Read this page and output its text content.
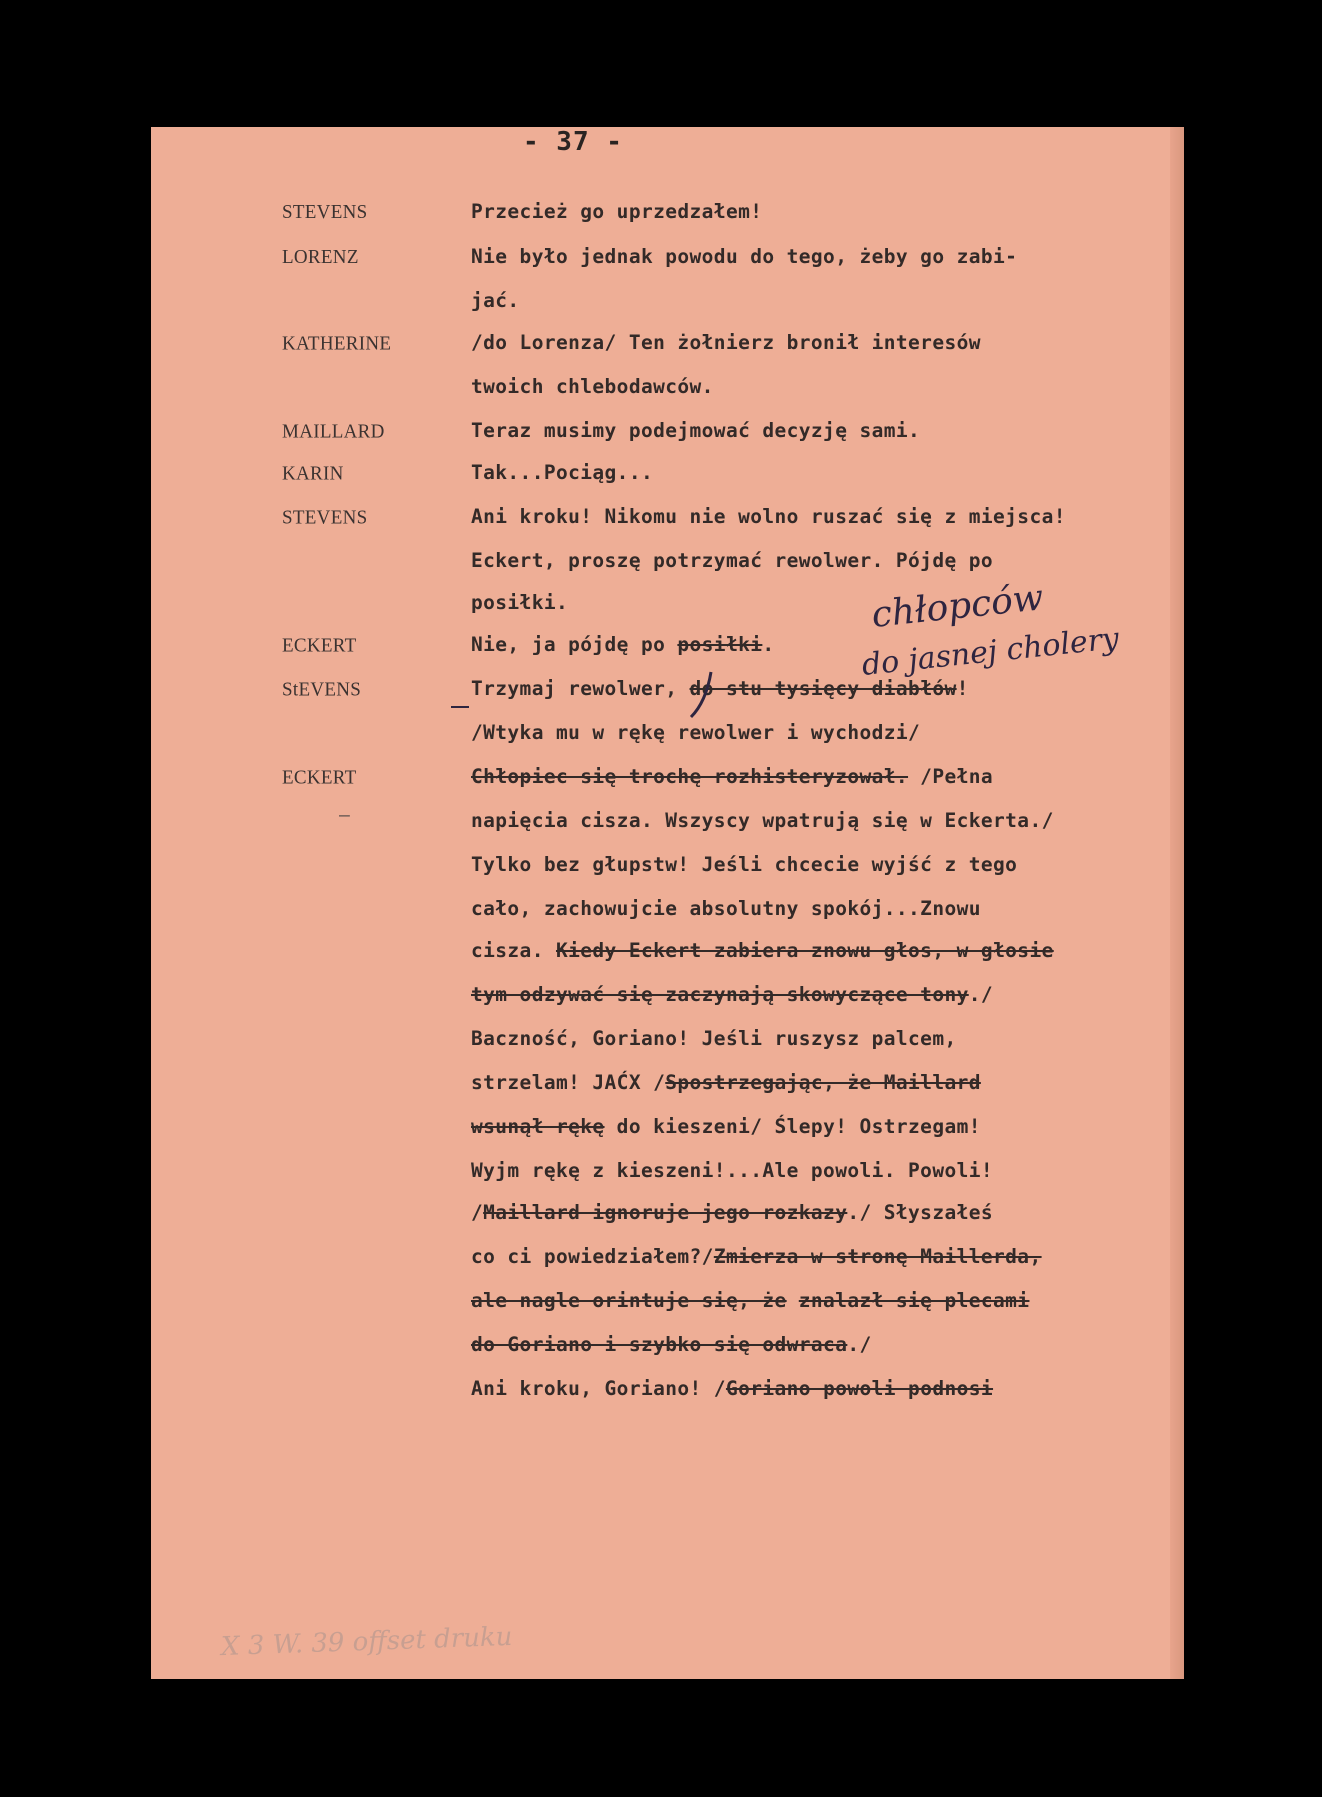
- 37 -
STEVENS	Przecież go uprzedzałem!
LORENZ	Nie było jednak powodu do tego, żeby go zabi-
jać.
KATHERINE	/do Lorenza/ Ten żołnierz bronił interesów
twoich chlebodawców.
MAILLARD	Teraz musimy podejmować decyzję sami.
KARIN	Tak...Pociąg...
STEVENS	Ani kroku! Nikomu nie wolno ruszać się z miejsca!
Eckert, proszę potrzymać rewolwer. Pójdę po
posiłki.
ECKERT	Nie, ja pójdę po posiłki.
StEVENS	Trzymaj rewolwer, do stu tysięcy diabłów!
–
/Wtyka mu w rękę rewolwer i wychodzi/
ECKERT	Chłopiec się trochę rozhisteryzował. /Pełna
napięcia cisza. Wszyscy wpatrują się w Eckerta./
Tylko bez głupstw! Jeśli chcecie wyjść z tego
cało, zachowujcie absolutny spokój...Znowu
cisza. Kiedy Eckert zabiera znowu głos, w głosie
tym odzywać się zaczynają skowyczące tony./
Baczność, Goriano! Jeśli ruszysz palcem,
strzelam! JAĆX /Spostrzegając, że Maillard
wsunął rękę do kieszeni/ Ślepy! Ostrzegam!
Wyjm rękę z kieszeni!...Ale powoli. Powoli!
/Maillard ignoruje jego rozkazy./ Słyszałeś
co ci powiedziałem?/Zmierza w stronę Maillerda,
ale nagle orintuje się, że znalazł się plecami
do Goriano i szybko się odwraca./
Ani kroku, Goriano! /Goriano powoli podnosi
chłopców
do jasnej cholery
X 3 W. 39 offset druku
